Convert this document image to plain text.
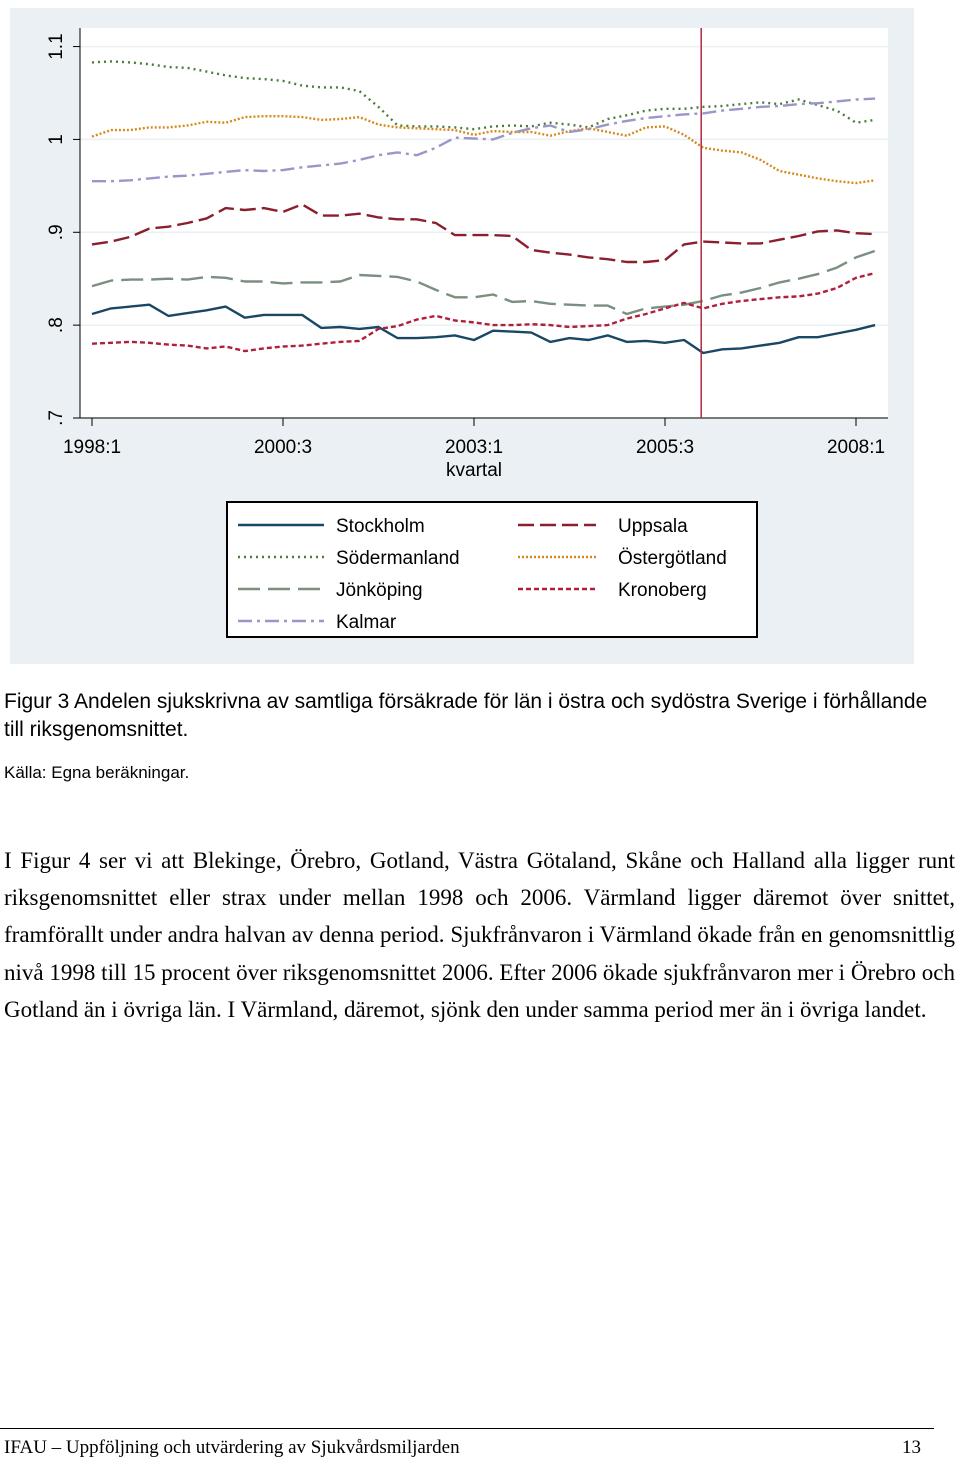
.7
.8
.9
1
1.1
1998:1	2000:3	2003:1	2005:3	2008:1
kvartal
Stockholm
Södermanland
Jönköping
Kalmar
Uppsala
Östergötland
Kronoberg

Figur 3 Andelen sjukskrivna av samtliga försäkrade för län i östra och sydöstra Sverige i förhållande till riksgenomsnittet.

Källa: Egna beräkningar.

I Figur 4 ser vi att Blekinge, Örebro, Gotland, Västra Götaland, Skåne och Halland alla ligger runt riksgenomsnittet eller strax under mellan 1998 och 2006. Värmland ligger däremot över snittet, framförallt under andra halvan av denna period. Sjukfrånvaron i Värmland ökade från en genomsnittlig nivå 1998 till 15 procent över riksgenomsnittet 2006. Efter 2006 ökade sjukfrånvaron mer i Örebro och Gotland än i övriga län. I Värmland, däremot, sjönk den under samma period mer än i övriga landet.

IFAU – Uppföljning och utvärdering av Sjukvårdsmiljarden	13
